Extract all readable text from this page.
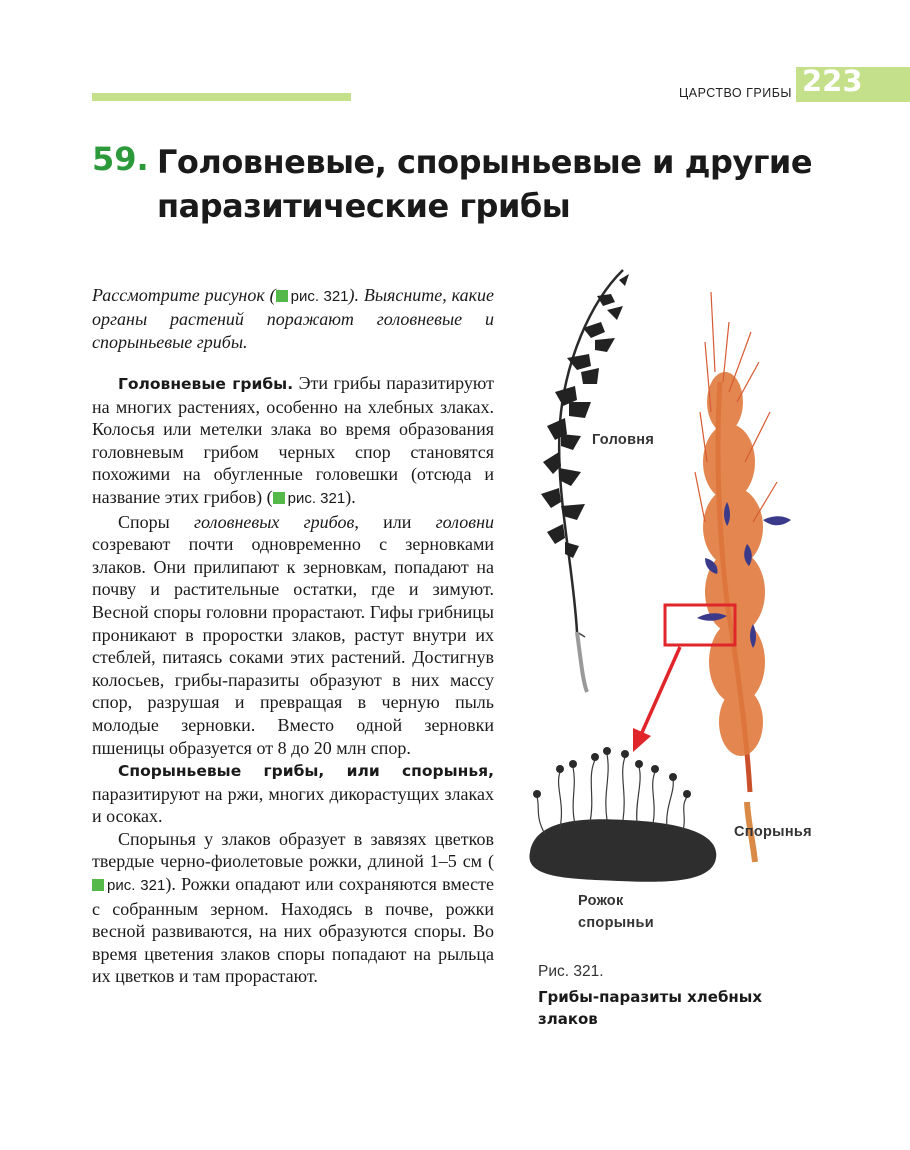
ЦАРСТВО ГРИБЫ 223
59. Головневые, спорыньевые и другие
паразитические грибы
Рассмотрите рисунок ( рис. 321). Выясните, какие органы растений поражают головневые и спорыньевые грибы.

Головневые грибы. Эти грибы паразитируют на многих растениях, особенно на хлебных злаках. Колосья или метелки злака во время образования головневым грибом черных спор становятся похожими на обугленные головешки (отсюда и название этих грибов) ( рис. 321).

Споры головневых грибов, или головни созревают почти одновременно с зерновками злаков. Они прилипают к зерновкам, попадают на почву и растительные остатки, где и зимуют. Весной споры головни прорастают. Гифы грибницы проникают в проростки злаков, растут внутри их стеблей, питаясь соками этих растений. Достигнув колосьев, грибы-паразиты образуют в них массу спор, разрушая и превращая в черную пыль молодые зерновки. Вместо одной зерновки пшеницы образуется от 8 до 20 млн спор.

Спорыньевые грибы, или спорынья, паразитируют на ржи, многих дикорастущих злаках и осоках.

Спорынья у злаков образует в завязях цветков твердые черно-фиолетовые рожки, длиной 1–5 см (рис. 321). Рожки опадают или сохраняются вместе с собранным зерном. Находясь в почве, рожки весной развиваются, на них образуются споры. Во время цветения злаков споры попадают на рыльца их цветков и там прорастают.

Головня
Спорынья
Рожок
спорыньи
Рис. 321.
Грибы-паразиты хлебных злаков
